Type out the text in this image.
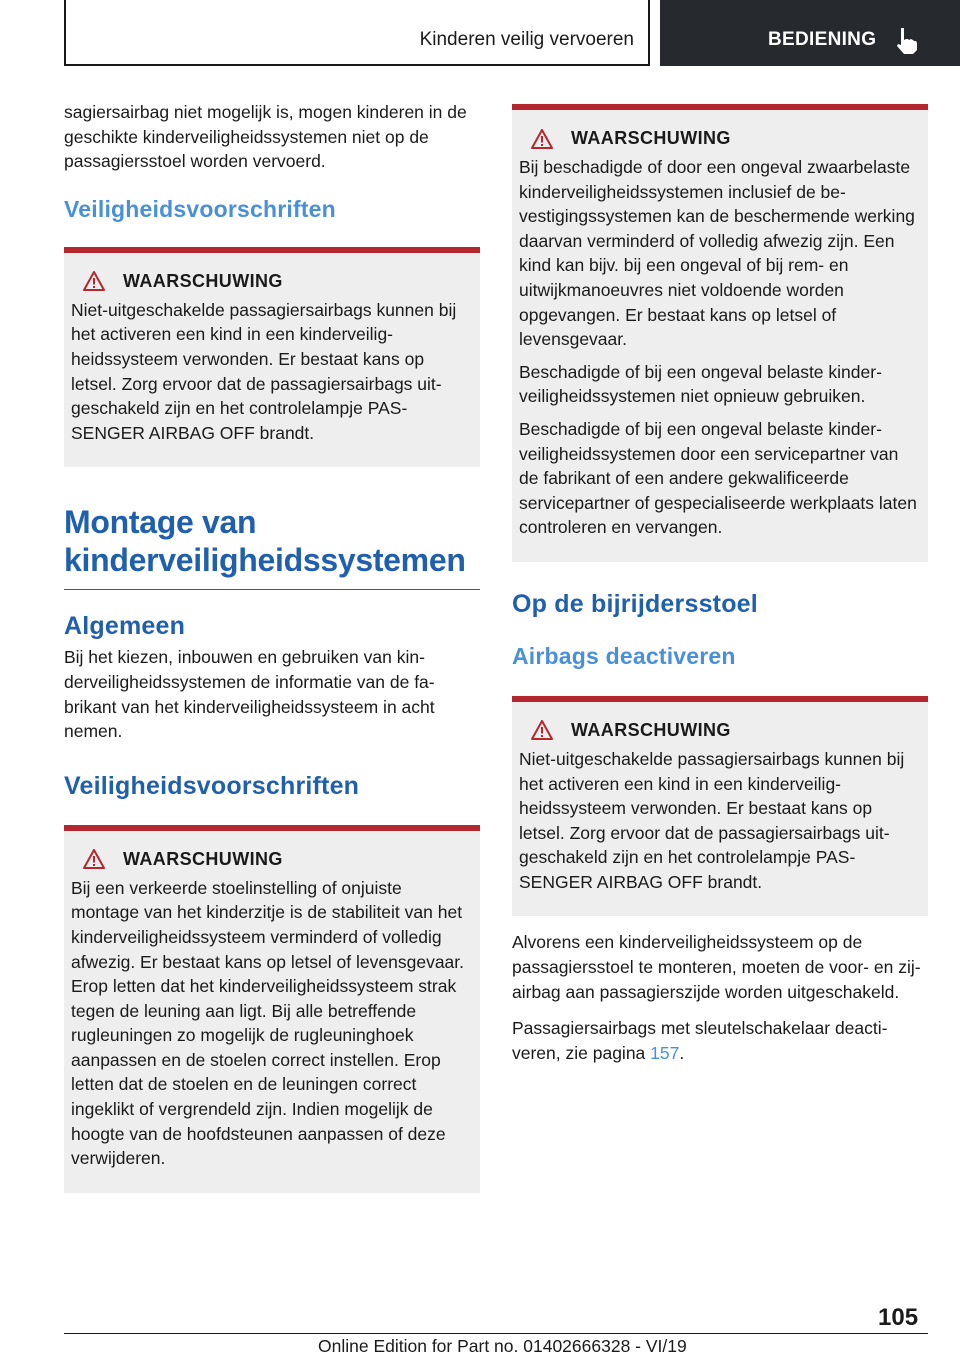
Kinderen veilig vervoeren	BEDIENING

sagiersairbag niet mogelijk is, mogen kinderen in de geschikte kinderveiligheidssystemen niet op de passagiersstoel worden vervoerd.

Veiligheidsvoorschriften
WAARSCHUWING

Niet-uitgeschakelde passagiersairbags kunnen bij het activeren een kind in een kinderveiligheidssysteem verwonden. Er bestaat kans op letsel. Zorg ervoor dat de passagiersairbags uitgeschakeld zijn en het controlelampje PASSENGER AIRBAG OFF brandt.

Montage van kinderveiligheidssystemen
Algemeen

Bij het kiezen, inbouwen en gebruiken van kinderveiligheidssystemen de informatie van de fabrikant van het kinderveiligheidssysteem in acht nemen.

Veiligheidsvoorschriften
WAARSCHUWING

Bij een verkeerde stoelinstelling of onjuiste montage van het kinderzitje is de stabiliteit van het kinderveiligheidssysteem verminderd of volledig afwezig. Er bestaat kans op letsel of levensgevaar. Erop letten dat het kinderveiligheidssysteem strak tegen de leuning aan ligt. Bij alle betreffende rugleuningen zo mogelijk de rugleuninghoek aanpassen en de stoelen correct instellen. Erop letten dat de stoelen en de leuningen correct ingeklikt of vergrendeld zijn. Indien mogelijk de hoogte van de hoofdsteunen aanpassen of deze verwijderen.

WAARSCHUWING

Bij beschadigde of door een ongeval zwaarbelaste kinderveiligheidssystemen inclusief de bevestigingssystemen kan de beschermende werking daarvan verminderd of volledig afwezig zijn. Een kind kan bijv. bij een ongeval of bij rem- en uitwijkmanoeuvres niet voldoende worden opgevangen. Er bestaat kans op letsel of levensgevaar.

Beschadigde of bij een ongeval belaste kinderveiligheidssystemen niet opnieuw gebruiken.

Beschadigde of bij een ongeval belaste kinderveiligheidssystemen door een servicepartner van de fabrikant of een andere gekwalificeerde servicepartner of gespecialiseerde werkplaats laten controleren en vervangen.

Op de bijrijdersstoel
Airbags deactiveren
WAARSCHUWING

Niet-uitgeschakelde passagiersairbags kunnen bij het activeren een kind in een kinderveiligheidssysteem verwonden. Er bestaat kans op letsel. Zorg ervoor dat de passagiersairbags uitgeschakeld zijn en het controlelampje PASSENGER AIRBAG OFF brandt.

Alvorens een kinderveiligheidssysteem op de passagiersstoel te monteren, moeten de voor- en zij-airbag aan passagierszijde worden uitgeschakeld.

Passagiersairbags met sleutelschakelaar deactiveren, zie pagina 157.

105
Online Edition for Part no. 01402666328 - VI/19
